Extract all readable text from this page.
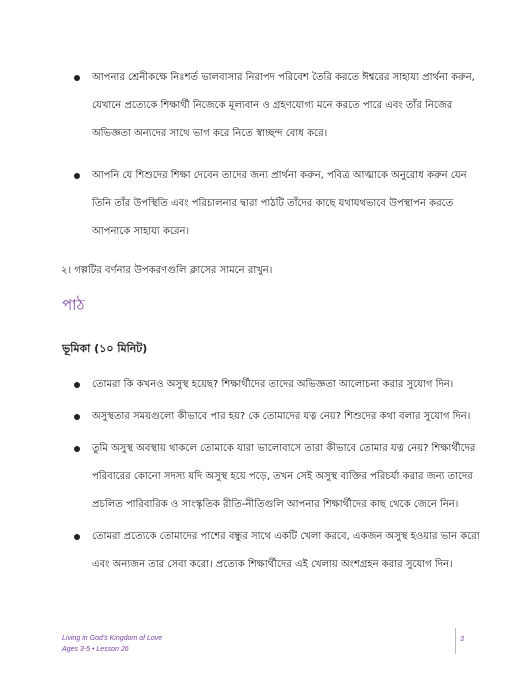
আপনার শ্রেনীকক্ষে নিঃশর্ত ভালবাসার নিরাপদ পরিবেশ তৈরি করতে ঈশ্বরের সাহায্য প্রার্থনা করুন, যেখানে প্রত্যেকে শিক্ষার্থী নিজেকে মূল্যবান ও গ্রহণযোগ্য মনে করতে পারে এবং তাঁর নিজের অভিজ্ঞতা অন্যদের সাথে ভাগ করে নিতে স্বাচ্ছন্দ বোধ করে।
আপনি যে শিশুদের শিক্ষা দেবেন তাদের জন্য প্রার্থনা করুন, পবিত্র আত্মাকে অনুরোধ করুন যেন তিনি তাঁর উপস্থিতি এবং পরিচালনার দ্বারা পাঠটি তাঁদের কাছে যথাযথভাবে উপস্থাপন করতে আপনাকে সাহায্য করেন।
২। গল্পটির বর্ণনার উপকরণগুলি ক্লাসের সামনে রাখুন।
পাঠ
ভূমিকা (১০ মিনিট)
তোমরা কি কখনও অসুস্থ হয়েছ? শিক্ষার্থীদের তাদের অভিজ্ঞতা আলোচনা করার সুযোগ দিন।
অসুস্থতার সময়গুলো কীভাবে পার হয়? কে তোমাদের যত্ন নেয়? শিশুদের কথা বলার সুযোগ দিন।
তুমি অসুস্থ অবস্থায় থাকলে তোমাকে যারা ভালোবাসে তারা কীভাবে তোমার যত্ন নেয়? শিক্ষার্থীদের পরিবারের কোনো সদস্য যদি অসুস্থ হয়ে পড়ে, তখন সেই অসুস্থ ব্যক্তির পরিচর্যা করার জন্য তাদের প্রচলিত পারিবারিক ও সাংস্কৃতিক রীতি-নীতিগুলি আপনার শিক্ষার্থীদের কাছ থেকে জেনে নিন।
তোমরা প্রত্যেকে তোমাদের পাশের বন্ধুর সাথে একটি খেলা করবে, একজন অসুস্থ হওয়ার ভান করো এবং অন্যজন তার সেবা করো। প্রত্যেক শিক্ষার্থীদের এই খেলায় অংশগ্রহন করার সুযোগ দিন।
Living in God's Kingdom of Love
Ages 3-5 • Lesson 26
3
